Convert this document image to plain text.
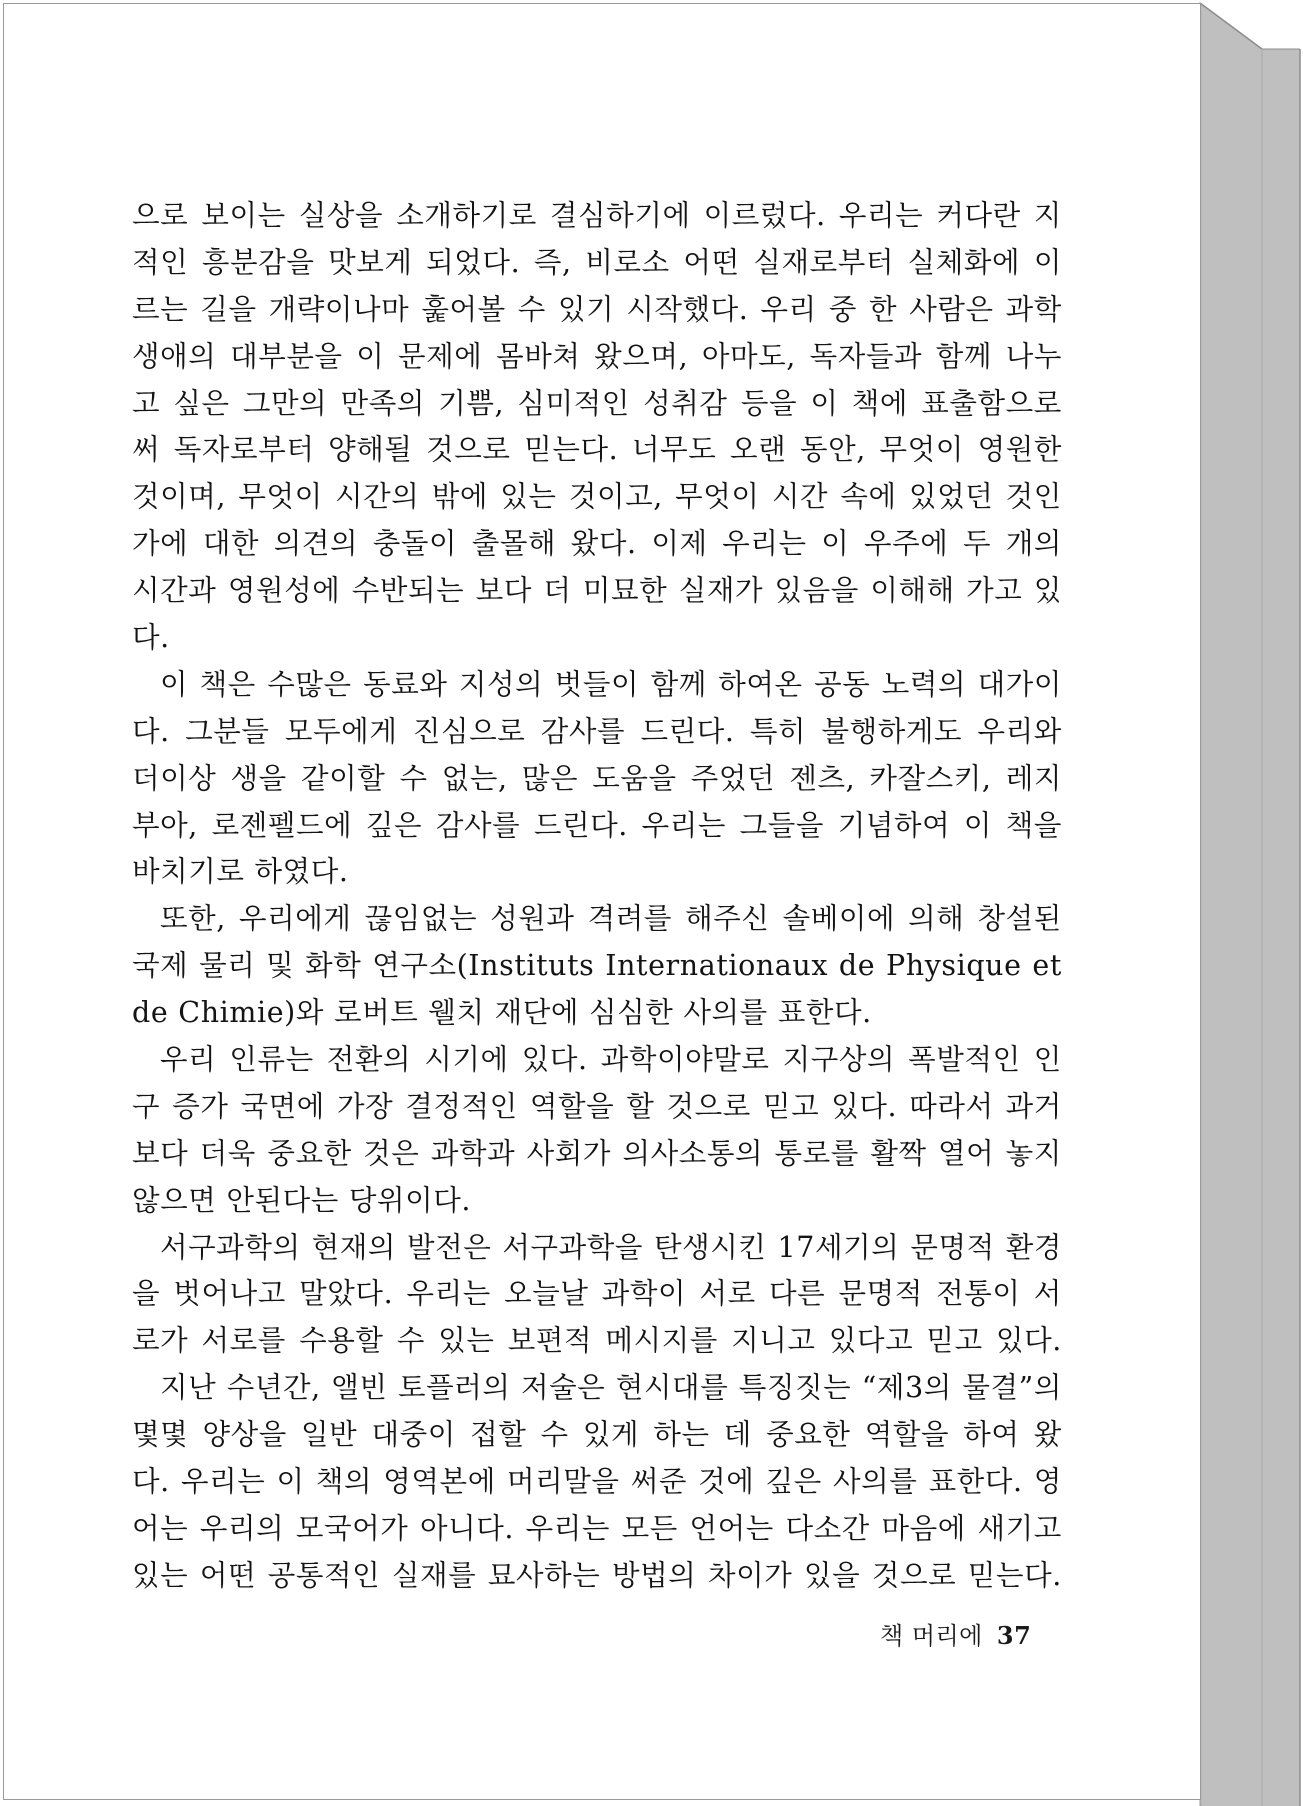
으로 보이는 실상을 소개하기로 결심하기에 이르렀다. 우리는 커다란 지
적인 흥분감을 맛보게 되었다. 즉, 비로소 어떤 실재로부터 실체화에 이
르는 길을 개략이나마 훑어볼 수 있기 시작했다. 우리 중 한 사람은 과학
생애의 대부분을 이 문제에 몸바쳐 왔으며, 아마도, 독자들과 함께 나누
고 싶은 그만의 만족의 기쁨, 심미적인 성취감 등을 이 책에 표출함으로
써 독자로부터 양해될 것으로 믿는다. 너무도 오랜 동안, 무엇이 영원한
것이며, 무엇이 시간의 밖에 있는 것이고, 무엇이 시간 속에 있었던 것인
가에 대한 의견의 충돌이 출몰해 왔다. 이제 우리는 이 우주에 두 개의
시간과 영원성에 수반되는 보다 더 미묘한 실재가 있음을 이해해 가고 있
다.
이 책은 수많은 동료와 지성의 벗들이 함께 하여온 공동 노력의 대가이
다. 그분들 모두에게 진심으로 감사를 드린다. 특히 불행하게도 우리와
더이상 생을 같이할 수 없는, 많은 도움을 주었던 젠츠, 카잘스키, 레지
부아, 로젠펠드에 깊은 감사를 드린다. 우리는 그들을 기념하여 이 책을
바치기로 하였다.
또한, 우리에게 끊임없는 성원과 격려를 해주신 솔베이에 의해 창설된
국제 물리 및 화학 연구소(Instituts Internationaux de Physique et
de Chimie)와 로버트 웰치 재단에 심심한 사의를 표한다.
우리 인류는 전환의 시기에 있다. 과학이야말로 지구상의 폭발적인 인
구 증가 국면에 가장 결정적인 역할을 할 것으로 믿고 있다. 따라서 과거
보다 더욱 중요한 것은 과학과 사회가 의사소통의 통로를 활짝 열어 놓지
않으면 안된다는 당위이다.
서구과학의 현재의 발전은 서구과학을 탄생시킨 17세기의 문명적 환경
을 벗어나고 말았다. 우리는 오늘날 과학이 서로 다른 문명적 전통이 서
로가 서로를 수용할 수 있는 보편적 메시지를 지니고 있다고 믿고 있다.
지난 수년간, 앨빈 토플러의 저술은 현시대를 특징짓는 “제3의 물결”의
몇몇 양상을 일반 대중이 접할 수 있게 하는 데 중요한 역할을 하여 왔
다. 우리는 이 책의 영역본에 머리말을 써준 것에 깊은 사의를 표한다. 영
어는 우리의 모국어가 아니다. 우리는 모든 언어는 다소간 마음에 새기고
있는 어떤 공통적인 실재를 묘사하는 방법의 차이가 있을 것으로 믿는다.
책 머리에 37
